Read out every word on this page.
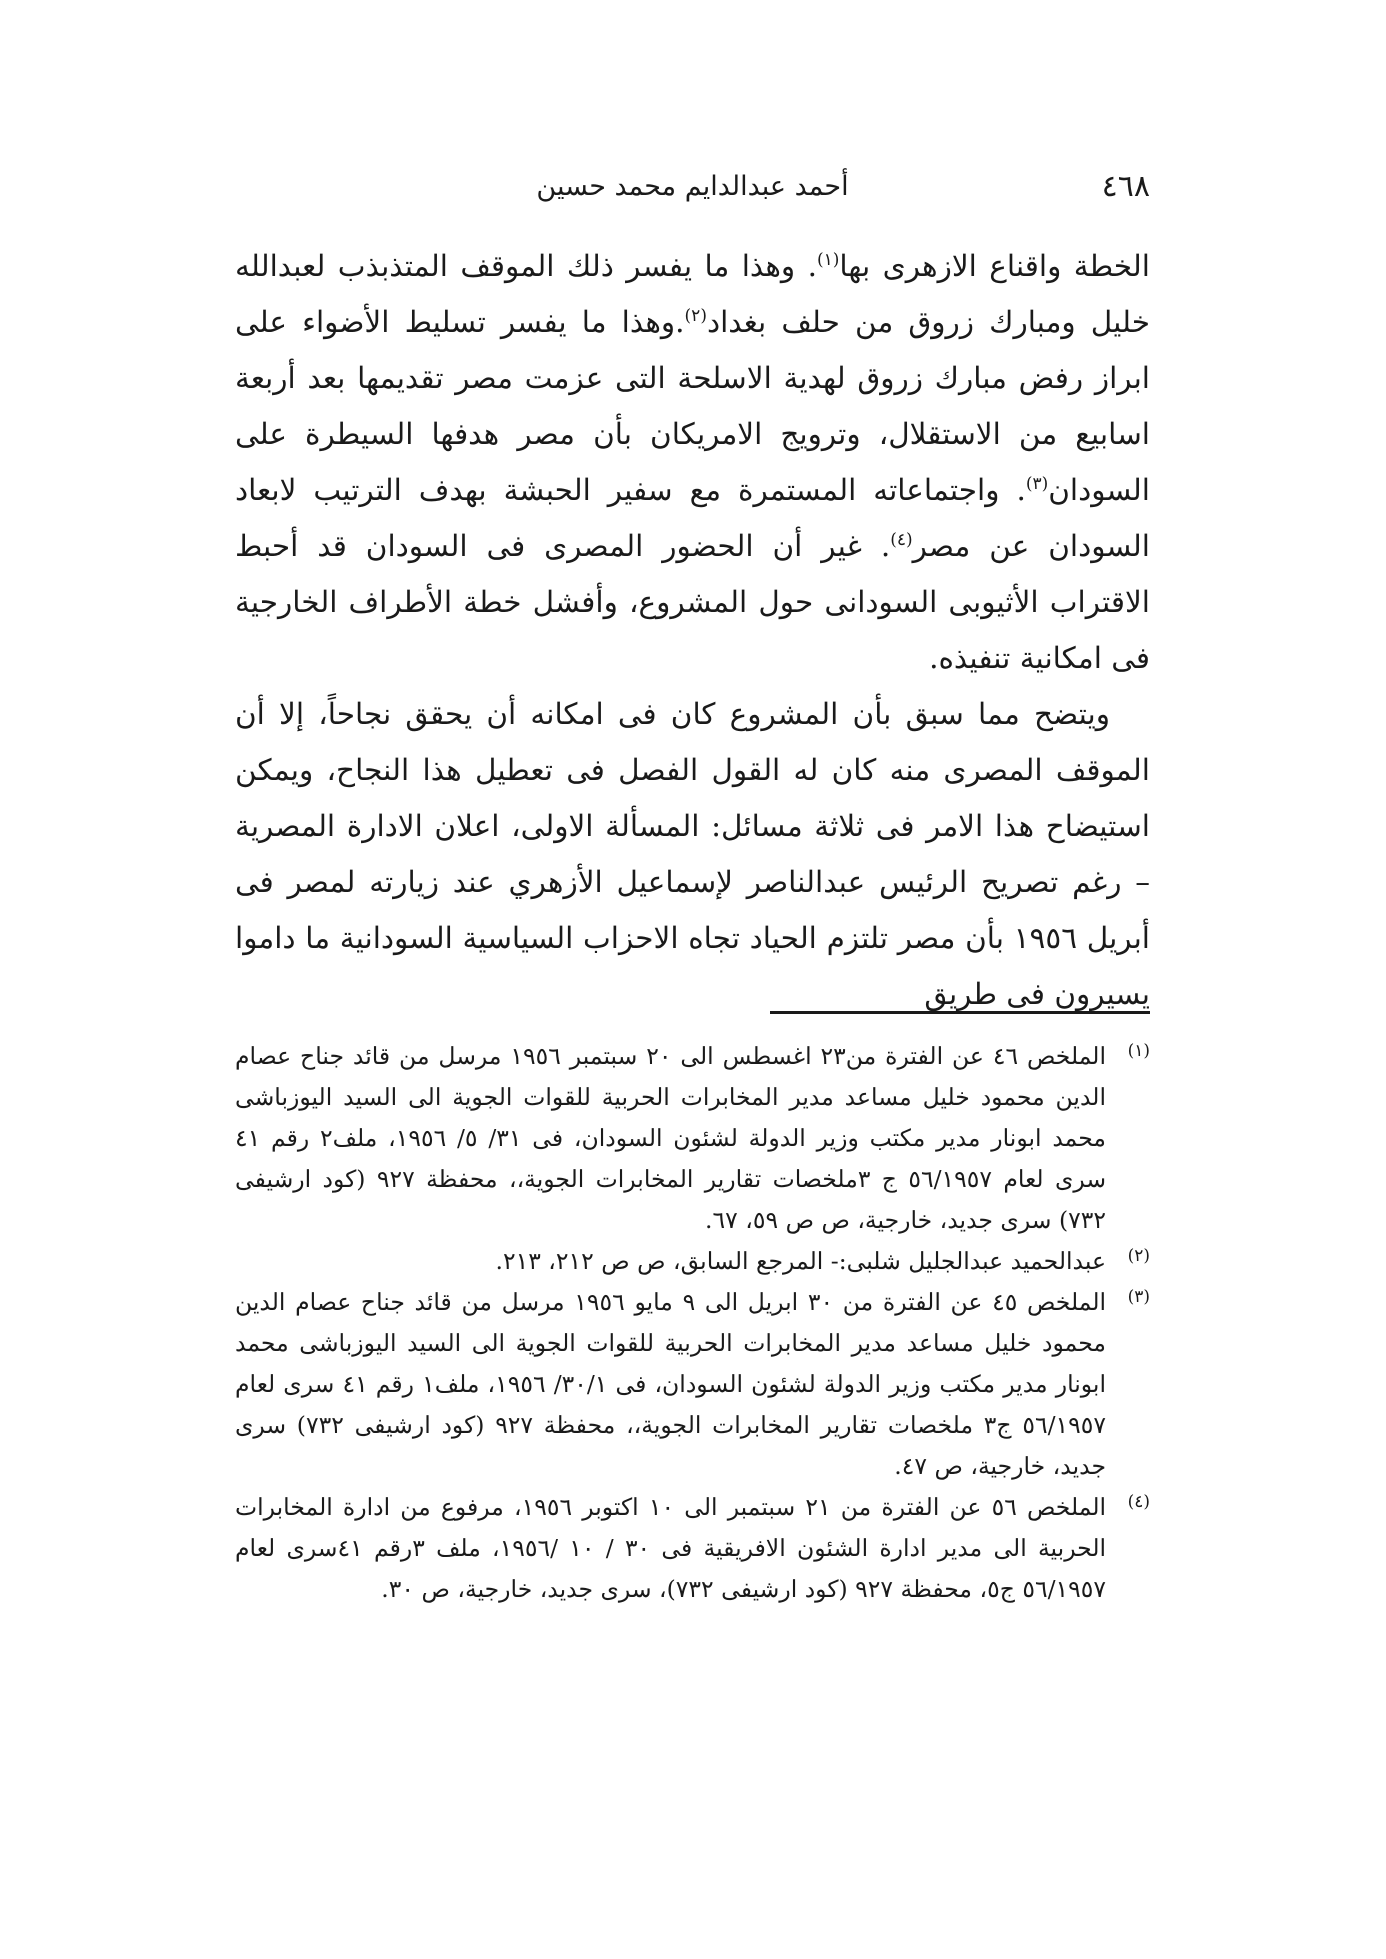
٤٦٨
أحمد عبدالدايم محمد حسين

الخطة واقناع الازهرى بها$^{(١)}$. وهذا ما يفسر ذلك الموقف المتذبذب لعبدالله خليل ومبارك زروق من حلف بغداد$^{(٢)}$.وهذا ما يفسر تسليط الأضواء على ابراز رفض مبارك زروق لهدية الاسلحة التى عزمت مصر تقديمها بعد أربعة اسابيع من الاستقلال، وترويج الامريكان بأن مصر هدفها السيطرة على السودان$^{(٣)}$. واجتماعاته المستمرة مع سفير الحبشة بهدف الترتيب لابعاد السودان عن مصر$^{(٤)}$. غير أن الحضور المصرى فى السودان قد أحبط الاقتراب الأثيوبى السودانى حول المشروع، وأفشل خطة الأطراف الخارجية فى امكانية تنفيذه.

ويتضح مما سبق بأن المشروع كان فى امكانه أن يحقق نجاحاً، إلا أن الموقف المصرى منه كان له القول الفصل فى تعطيل هذا النجاح، ويمكن استيضاح هذا الامر فى ثلاثة مسائل: المسألة الاولى، اعلان الادارة المصرية – رغم تصريح الرئيس عبدالناصر لإسماعيل الأزهري عند زيارته لمصر فى أبريل ١٩٥٦ بأن مصر تلتزم الحياد تجاه الاحزاب السياسية السودانية ما داموا يسيرون فى طريق

(١)
الملخص ٤٦ عن الفترة من٢٣ اغسطس الى ٢٠ سبتمبر ١٩٥٦ مرسل من قائد جناح عصام الدين محمود خليل مساعد مدير المخابرات الحربية للقوات الجوية الى السيد اليوزباشى محمد ابونار مدير مكتب وزير الدولة لشئون السودان، فى ٣١/ ٥/ ١٩٥٦، ملف٢ رقم ٤١ سرى لعام ٥٦/١٩٥٧ ج ٣ملخصات تقارير المخابرات الجوية،، محفظة ٩٢٧ (كود ارشيفى ٧٣٢) سرى جديد، خارجية، ص ص ٥٩، ٦٧.

(٢)
عبدالحميد عبدالجليل شلبى:- المرجع السابق، ص ص ٢١٢، ٢١٣.

(٣)
الملخص ٤٥ عن الفترة من ٣٠ ابريل الى ٩ مايو ١٩٥٦ مرسل من قائد جناح عصام الدين محمود خليل مساعد مدير المخابرات الحربية للقوات الجوية الى السيد اليوزباشى محمد ابونار مدير مكتب وزير الدولة لشئون السودان، فى ٣٠/١/ ١٩٥٦، ملف١ رقم ٤١ سرى لعام ٥٦/١٩٥٧ ج٣ ملخصات تقارير المخابرات الجوية،، محفظة ٩٢٧ (كود ارشيفى ٧٣٢) سرى جديد، خارجية، ص ٤٧.

(٤)
الملخص ٥٦ عن الفترة من ٢١ سبتمبر الى ١٠ اكتوبر ١٩٥٦، مرفوع من ادارة المخابرات الحربية الى مدير ادارة الشئون الافريقية فى ٣٠ / ١٠ /١٩٥٦، ملف ٣رقم ٤١سرى لعام ٥٦/١٩٥٧ ج٥، محفظة ٩٢٧ (كود ارشيفى ٧٣٢)، سرى جديد، خارجية، ص ٣٠.
